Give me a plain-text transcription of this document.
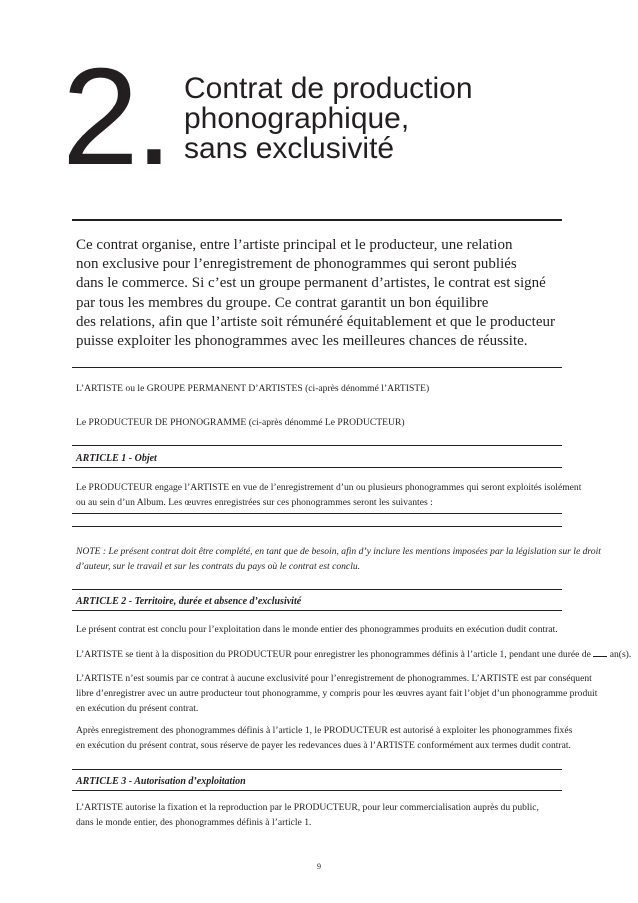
2. Contrat de production
phonographique,
sans exclusivité
Ce contrat organise, entre l’artiste principal et le producteur, une relation
non exclusive pour l’enregistrement de phonogrammes qui seront publiés
dans le commerce. Si c’est un groupe permanent d’artistes, le contrat est signé
par tous les membres du groupe. Ce contrat garantit un bon équilibre
des relations, afin que l’artiste soit rémunéré équitablement et que le producteur
puisse exploiter les phonogrammes avec les meilleures chances de réussite.
L’ARTISTE ou le GROUPE PERMANENT D’ARTISTES (ci-après dénommé l’ARTISTE)
Le PRODUCTEUR DE PHONOGRAMME (ci-après dénommé Le PRODUCTEUR)
ARTICLE 1 - Objet
Le PRODUCTEUR engage l’ARTISTE en vue de l’enregistrement d’un ou plusieurs phonogrammes qui seront exploités isolément
ou au sein d’un Album. Les œuvres enregistrées sur ces phonogrammes seront les suivantes :
NOTE : Le présent contrat doit être complété, en tant que de besoin, afin d’y inclure les mentions imposées par la législation sur le droit
d’auteur, sur le travail et sur les contrats du pays où le contrat est conclu.
ARTICLE 2 - Territoire, durée et absence d’exclusivité
Le présent contrat est conclu pour l’exploitation dans le monde entier des phonogrammes produits en exécution dudit contrat.
L’ARTISTE se tient à la disposition du PRODUCTEUR pour enregistrer les phonogrammes définis à l’article 1, pendant une durée de  an(s).
L’ARTISTE n’est soumis par ce contrat à aucune exclusivité pour l’enregistrement de phonogrammes. L’ARTISTE est par conséquent
libre d’enregistrer avec un autre producteur tout phonogramme, y compris pour les œuvres ayant fait l’objet d’un phonogramme produit
en exécution du présent contrat.
Après enregistrement des phonogrammes définis à l’article 1, le PRODUCTEUR est autorisé à exploiter les phonogrammes fixés
en exécution du présent contrat, sous réserve de payer les redevances dues à l’ARTISTE conformément aux termes dudit contrat.
ARTICLE 3 - Autorisation d’exploitation
L’ARTISTE autorise la fixation et la reproduction par le PRODUCTEUR, pour leur commercialisation auprès du public,
dans le monde entier, des phonogrammes définis à l’article 1.
9
